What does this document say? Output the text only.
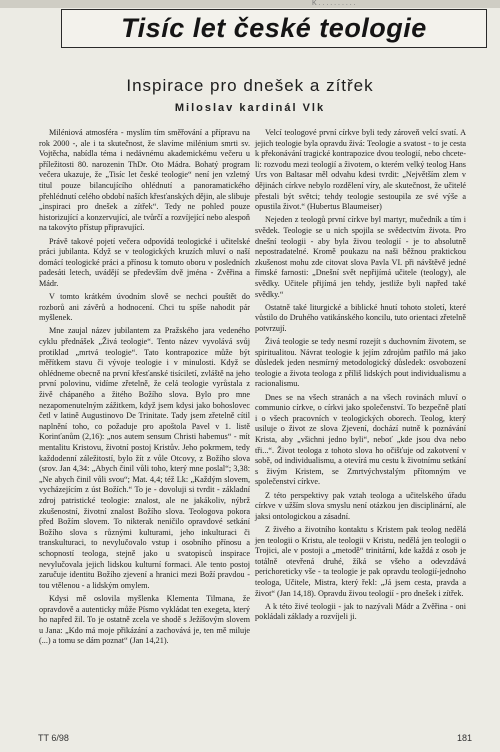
K . . . . . . . . . .
Tisíc let české teologie
Inspirace pro dnešek a zítřek
Miloslav kardinál Vlk

Miléniová atmosféra - myslím tím směřování a přípravu na rok 2000 -, ale i ta skutečnost, že slavíme milénium smrti sv. Vojtěcha, nabídla téma i nedávnému akademickému večeru u příležitosti 80. narozenin ThDr. Oto Mádra. Bohatý program večera ukazuje, že „Tisíc let české teologie“ není jen vzletný titul pouze bilancujícího ohlédnutí a panoramatického přehlédnutí celého období naších křesťanských dějin, ale slibuje „inspiraci pro dnešek a zítřek“. Tedy ne pohled pouze historizující a konzervující, ale tvůrčí a rozvíjející nebo alespoň na takovýto přístup připravující.

Právě takové pojetí večera odpovídá teologické i učitelské práci jubilanta. Když se v teologických kruzích mluví o naší domácí teologické práci a přínosu k tomuto oboru v posledních padesáti letech, uvádějí se především dvě jména - Zvěřina a Mádr.

V tomto krátkém úvodním slově se nechci pouštět do rozborů ani závěrů a hodnocení. Chci tu spíše nahodit pár myšlenek.

Mne zaujal název jubilantem za Pražského jara vedeného cyklu přednášek „Živá teologie“. Tento název vyvolává svůj protiklad „mrtvá teologie“. Tato kontrapozice může být měřítkem stavu či vývoje teologie i v minulosti. Když se ohlédneme obecně na první křesťanské tisíciletí, zvláště na jeho první polovinu, vidíme zřetelně, že celá teologie vyrůstala z živě chápaného a žitého Božího slova. Bylo pro mne nezapomenutelným zážitkem, když jsem kdysi jako bohoslovec četl v latině Augustinovo De Trinitate. Tady jsem zřetelně cítil naplnění toho, co požaduje pro apoštola Pavel v 1. listě Korinťanům (2,16): „nos autem sensum Christi habemus“ - mít mentalitu Kristovu, životní postoj Kristův. Jeho pokrmem, tedy každodenní záležitostí, bylo žít z vůle Otcovy, z Božího slova (srov. Jan 4,34: „Abych činil vůli toho, který mne poslal“; 3,38: „Ne abych činil vůli svou“; Mat. 4,4; též Lk: „Každým slovem, vycházejícím z úst Božích.“ To je - dovoluji si tvrdit - základní zdroj patristické teologie: znalost, ale ne jakákoliv, nýbrž zkušenostní, životní znalost Božího slova. Teologova pokora před Božím slovem. To nikterak neničilo opravdové setkání Božího slova s různými kulturami, jeho inkulturaci či transkulturaci, to nevylučovalo vstup i osobního přínosu a schopností teologa, stejně jako u svatopisců inspirace nevylučovala jejich lidskou kulturní formaci. Ale tento postoj zaručuje identitu Božího zjevení a hranici mezi Boží pravdou - tou vtělenou - a lidským omylem.

Kdysi mě oslovila myšlenka Klementa Tilmana, že opravdově a autenticky může Písmo vykládat ten exegeta, který ho napřed žil. To je ostatně zcela ve shodě s Ježíšovým slovem u Jana: „Kdo má moje přikázání a zachovává je, ten mě miluje (...) a tomu se dám poznat“ (Jan 14,21).

Velcí teologové první církve byli tedy zároveň velcí svatí. A jejich teologie byla opravdu živá: Teologie a svatost - to je cesta k překonávání tragické kontrapozice dvou teologií, nebo chcete-li: rozvodu mezi teologií a životem, o kterém velký teolog Hans Urs von Baltasar měl odvahu kdesi tvrdit: „Největším zlem v dějinách církve nebylo rozdělení víry, ale skutečnost, že učitelé přestali být světci; tehdy teologie sestoupila ze své výše a opustila život.“ (Hubertus Blaumeiser)

Nejeden z teologů první církve byl martyr, mučedník a tím i svědek. Teologie se u nich spojila se svědectvím života. Pro dnešní teologii - aby byla živou teologií - je to absolutně nepostradatelné. Kromě poukazu na naši běžnou praktickou zkušenost mohu zde citovat slova Pavla VI. při návštěvě jedné římské farnosti: „Dnešní svět nepřijímá učitele (teology), ale svědky. Učitele přijímá jen tehdy, jestliže byli napřed také svědky.“

Ostatně také liturgické a biblické hnutí tohoto století, které vůstilo do Druhého vatikánského koncilu, tuto orientaci zřetelně potvrzují.

Živá teologie se tedy nesmí rozejít s duchovním životem, se spiritualitou. Návrat teologie k jejím zdrojům patřilo má jako důsledek jeden nesmírný metodologický důsledek: osvobození teologie a života teologa z příliš lidských pout individualismu a racionalismu.

Dnes se na všech stranách a na všech rovinách mluví o communio církve, o církvi jako společenství. To bezpečně platí i o všech pracovních v teologických oborech. Teolog, který usiluje o život ze slova Zjevení, dochází nutně k poznávání Krista, aby „všichni jedno byli“, neboť „kde jsou dva nebo tři...“. Život teologa z tohoto slova ho očišťuje od zakotvení v sobě, od individualismu, a otevírá mu cestu k životnímu setkání s živým Kristem, se Zmrtvýchvstalým přítomným ve společenství církve.

Z této perspektivy pak vztah teologa a učitelského úřadu církve v užším slova smyslu není otázkou jen disciplinární, ale jaksi ontologickou a zásadní.

Z živého a životního kontaktu s Kristem pak teolog nedělá jen teologii o Kristu, ale teologii v Kristu, nedělá jen teologii o Trojici, ale v postoji a „metodě“ trinitární, kde každá z osob je totálně otevřená druhé, žíká se všeho a odevzdává perichoreticky vše - ta teologie je pak opravdu teologií-jednoho teologa, Učitele, Mistra, který řekl: „Já jsem cesta, pravda a život“ (Jan 14,18). Opravdu živou teologií - pro dnešek i zítřek.

A k této živé teologii - jak to nazývali Mádr a Zvěřina - oni pokládali základy a rozvíjeli ji.

TT 6/98	181
